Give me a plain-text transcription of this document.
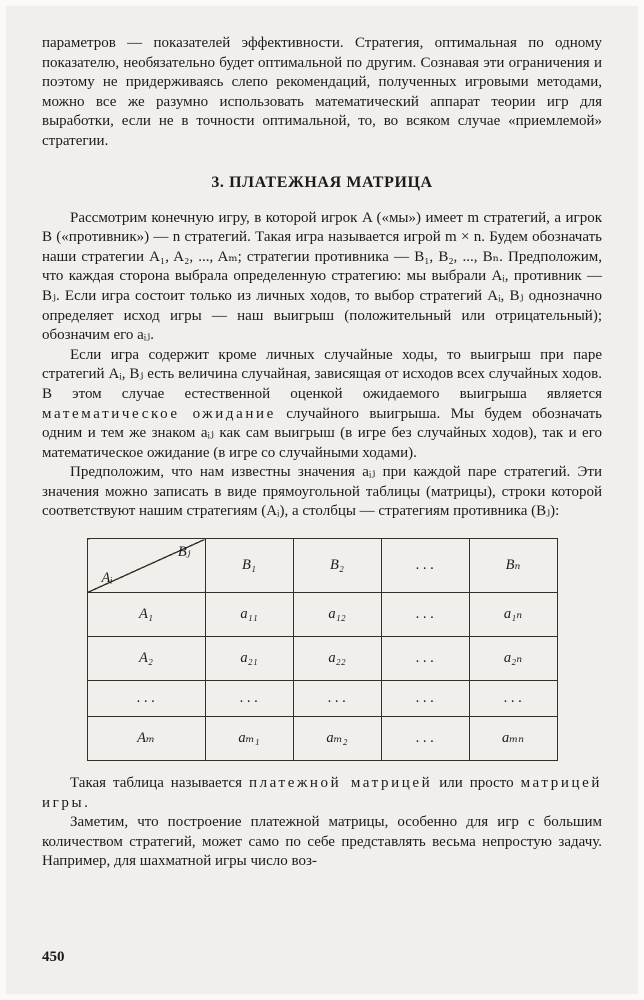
параметров — показателей эффективности. Стратегия, оптимальная по одному показателю, необязательно будет оптимальной по другим. Сознавая эти ограничения и поэтому не придерживаясь слепо рекомендаций, полученных игровыми методами, можно все же разумно использовать математический аппарат теории игр для выработки, если не в точности оптимальной, то, во всяком случае «приемлемой» стратегии.

3. ПЛАТЕЖНАЯ МАТРИЦА

Рассмотрим конечную игру, в которой игрок A («мы») имеет m стратегий, а игрок B («противник») — n стратегий. Такая игра называется игрой m × n. Будем обозначать наши стратегии A₁, A₂, ..., Aₘ; стратегии противника — B₁, B₂, ..., Bₙ. Предположим, что каждая сторона выбрала определенную стратегию: мы выбрали Aᵢ, противник — Bⱼ. Если игра состоит только из личных ходов, то выбор стратегий Aᵢ, Bⱼ однозначно определяет исход игры — наш выигрыш (положительный или отрицательный); обозначим его aᵢⱼ.

Если игра содержит кроме личных случайные ходы, то выигрыш при паре стратегий Aᵢ, Bⱼ есть величина случайная, зависящая от исходов всех случайных ходов. В этом случае естественной оценкой ожидаемого выигрыша является математическое ожидание случайного выигрыша. Мы будем обозначать одним и тем же знаком aᵢⱼ как сам выигрыш (в игре без случайных ходов), так и его математическое ожидание (в игре со случайными ходами).

Предположим, что нам известны значения aᵢⱼ при каждой паре стратегий. Эти значения можно записать в виде прямоугольной таблицы (матрицы), строки которой соответствуют нашим стратегиям (Aᵢ), а столбцы — стратегиям противника (Bⱼ):

Bⱼ
Aᵢ	B₁	B₂	. . .	Bₙ
A₁	a₁₁	a₁₂	. . .	a₁ₙ
A₂	a₂₁	a₂₂	. . .	a₂ₙ
. . .	. . .	. . .	. . .	. . .
Aₘ	aₘ₁	aₘ₂	. . .	aₘₙ

Такая таблица называется платежной матрицей или просто матрицей игры.

Заметим, что построение платежной матрицы, особенно для игр с большим количеством стратегий, может само по себе представлять весьма непростую задачу. Например, для шахматной игры число воз-

450
